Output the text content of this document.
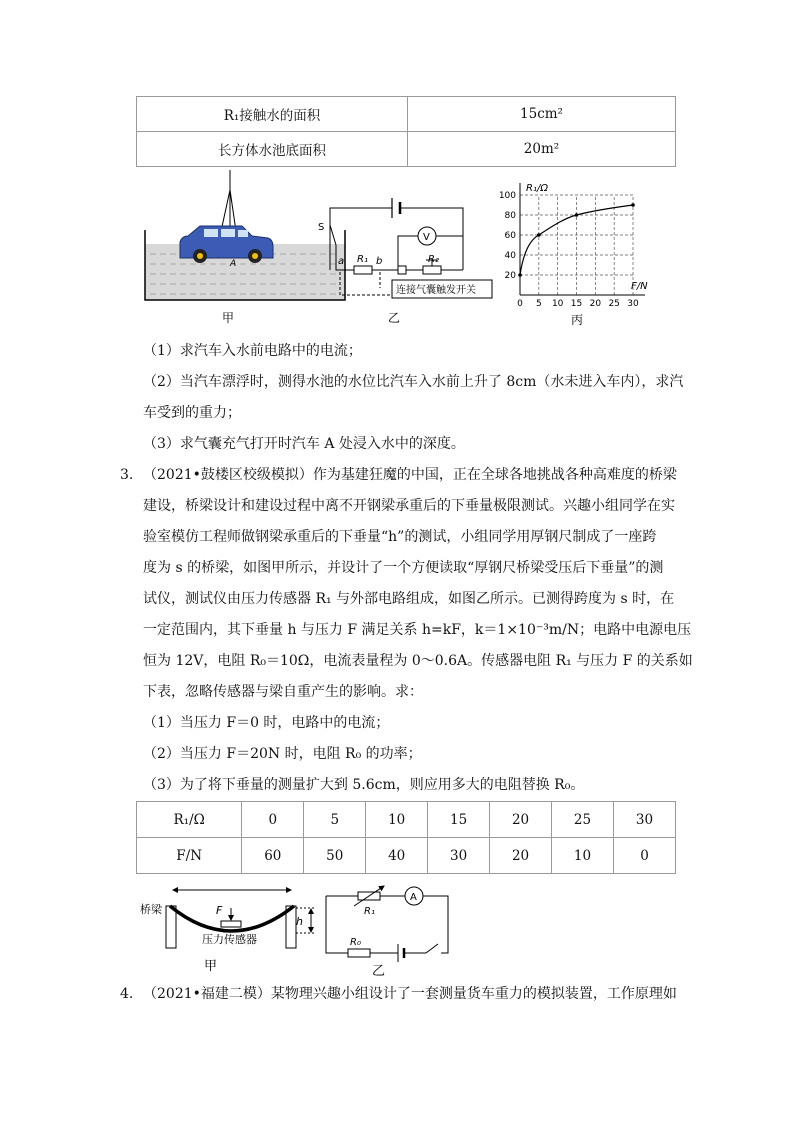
R₁接触水的面积	15cm²
长方体水池底面积	20m²
A
甲
S
a	b
R₁	R₂
V
连接气囊触发开关
乙
100
80
60
40
20
0 5 10 15 20 25 30
R₁/Ω
F/N
丙
（1）求汽车入水前电路中的电流；
（2）当汽车漂浮时，测得水池的水位比汽车入水前上升了 8cm（水未进入车内），求汽
车受到的重力；
（3）求气囊充气打开时汽车 A 处浸入水中的深度。
3. （2021•鼓楼区校级模拟）作为基建狂魔的中国，正在全球各地挑战各种高难度的桥梁
建设，桥梁设计和建设过程中离不开钢梁承重后的下垂量极限测试。兴趣小组同学在实
验室模仿工程师做钢梁承重后的下垂量“h”的测试，小组同学用厚钢尺制成了一座跨
度为 s 的桥梁，如图甲所示，并设计了一个方便读取“厚钢尺桥梁受压后下垂量”的测
试仪，测试仪由压力传感器 R₁ 与外部电路组成，如图乙所示。已测得跨度为 s 时，在
一定范围内，其下垂量 h 与压力 F 满足关系 h=kF，k＝1×10⁻³m/N；电路中电源电压
恒为 12V，电阻 R₀＝10Ω，电流表量程为 0～0.6A。传感器电阻 R₁ 与压力 F 的关系如
下表，忽略传感器与梁自重产生的影响。求：
（1）当压力 F＝0 时，电路中的电流；
（2）当压力 F＝20N 时，电阻 R₀ 的功率；
（3）为了将下垂量的测量扩大到 5.6cm，则应用多大的电阻替换 R₀。
R₁/Ω	0	5	10	15	20	25	30
F/N	60	50	40	30	20	10	0
桥梁	F
压力传感器
h
甲
R₁
R₀
A
乙
4. （2021•福建二模）某物理兴趣小组设计了一套测量货车重力的模拟装置，工作原理如
